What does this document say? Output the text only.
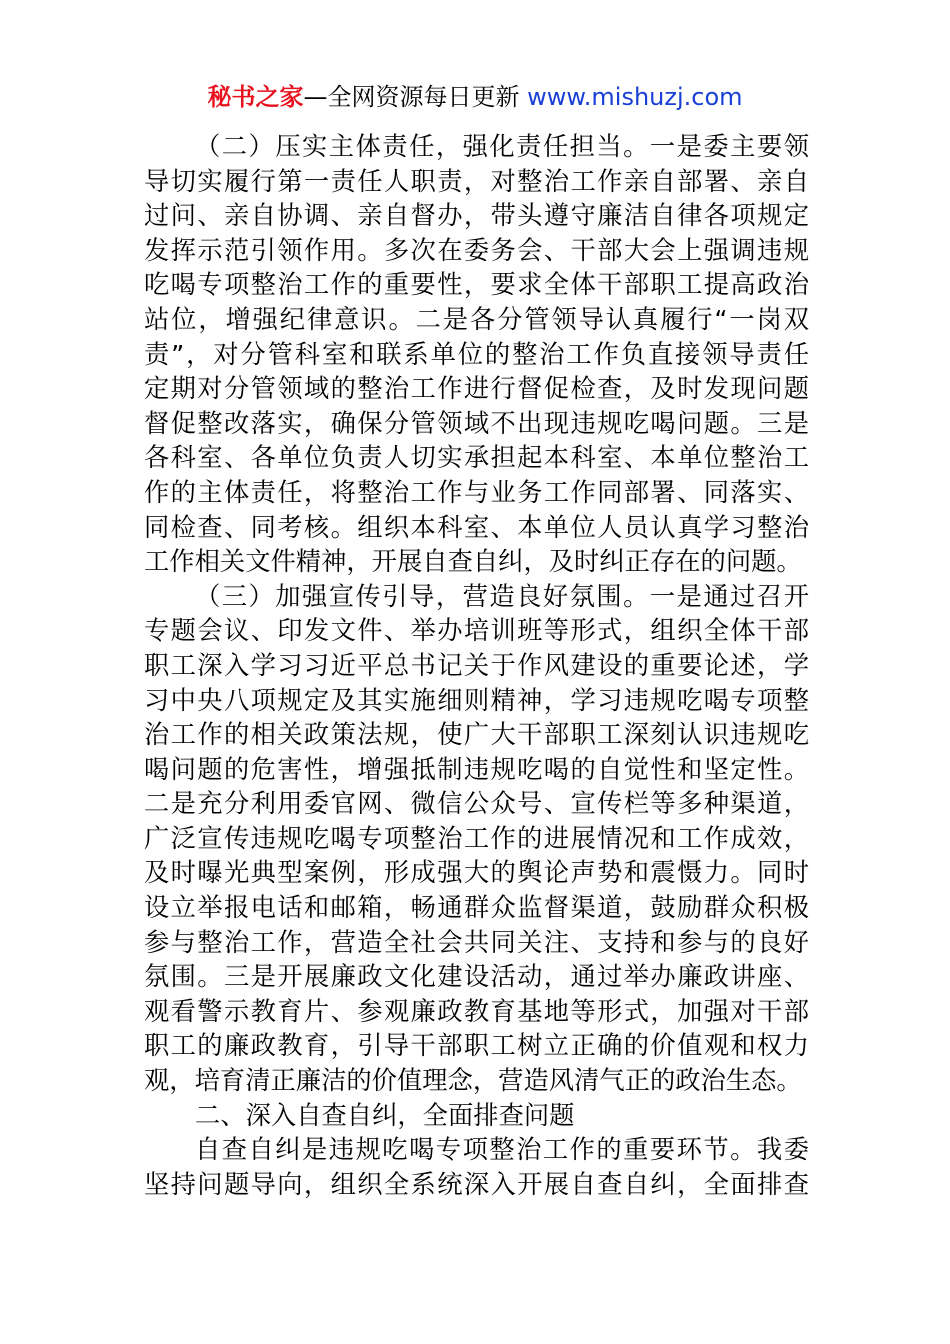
秘书之家—全网资源每日更新 www.mishuzj.com
（二）压实主体责任，强化责任担当。一是委主要领
导切实履行第一责任人职责，对整治工作亲自部署、亲自
过问、亲自协调、亲自督办，带头遵守廉洁自律各项规定
发挥示范引领作用。多次在委务会、干部大会上强调违规
吃喝专项整治工作的重要性，要求全体干部职工提高政治
站位，增强纪律意识。二是各分管领导认真履行“一岗双
责”，对分管科室和联系单位的整治工作负直接领导责任
定期对分管领域的整治工作进行督促检查，及时发现问题
督促整改落实，确保分管领域不出现违规吃喝问题。三是
各科室、各单位负责人切实承担起本科室、本单位整治工
作的主体责任，将整治工作与业务工作同部署、同落实、
同检查、同考核。组织本科室、本单位人员认真学习整治
工作相关文件精神，开展自查自纠，及时纠正存在的问题。
（三）加强宣传引导，营造良好氛围。一是通过召开
专题会议、印发文件、举办培训班等形式，组织全体干部
职工深入学习习近平总书记关于作风建设的重要论述，学
习中央八项规定及其实施细则精神，学习违规吃喝专项整
治工作的相关政策法规，使广大干部职工深刻认识违规吃
喝问题的危害性，增强抵制违规吃喝的自觉性和坚定性。
二是充分利用委官网、微信公众号、宣传栏等多种渠道，
广泛宣传违规吃喝专项整治工作的进展情况和工作成效，
及时曝光典型案例，形成强大的舆论声势和震慑力。同时
设立举报电话和邮箱，畅通群众监督渠道，鼓励群众积极
参与整治工作，营造全社会共同关注、支持和参与的良好
氛围。三是开展廉政文化建设活动，通过举办廉政讲座、
观看警示教育片、参观廉政教育基地等形式，加强对干部
职工的廉政教育，引导干部职工树立正确的价值观和权力
观，培育清正廉洁的价值理念，营造风清气正的政治生态。
二、深入自查自纠，全面排查问题
自查自纠是违规吃喝专项整治工作的重要环节。我委
坚持问题导向，组织全系统深入开展自查自纠，全面排查
